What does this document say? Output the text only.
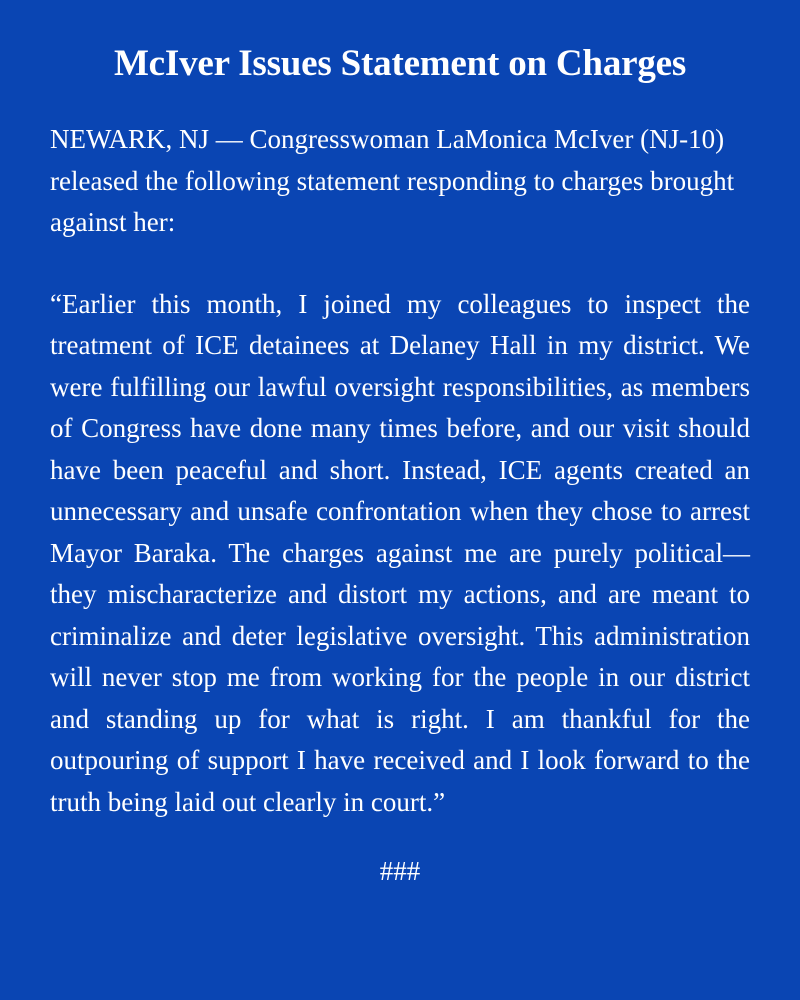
McIver Issues Statement on Charges

NEWARK, NJ — Congresswoman LaMonica McIver (NJ-10) released the following statement responding to charges brought against her:

“Earlier this month, I joined my colleagues to inspect the treatment of ICE detainees at Delaney Hall in my district. We were fulfilling our lawful oversight responsibilities, as members of Congress have done many times before, and our visit should have been peaceful and short. Instead, ICE agents created an unnecessary and unsafe confrontation when they chose to arrest Mayor Baraka. The charges against me are purely political—they mischaracterize and distort my actions, and are meant to criminalize and deter legislative oversight. This administration will never stop me from working for the people in our district and standing up for what is right. I am thankful for the outpouring of support I have received and I look forward to the truth being laid out clearly in court.”

###
